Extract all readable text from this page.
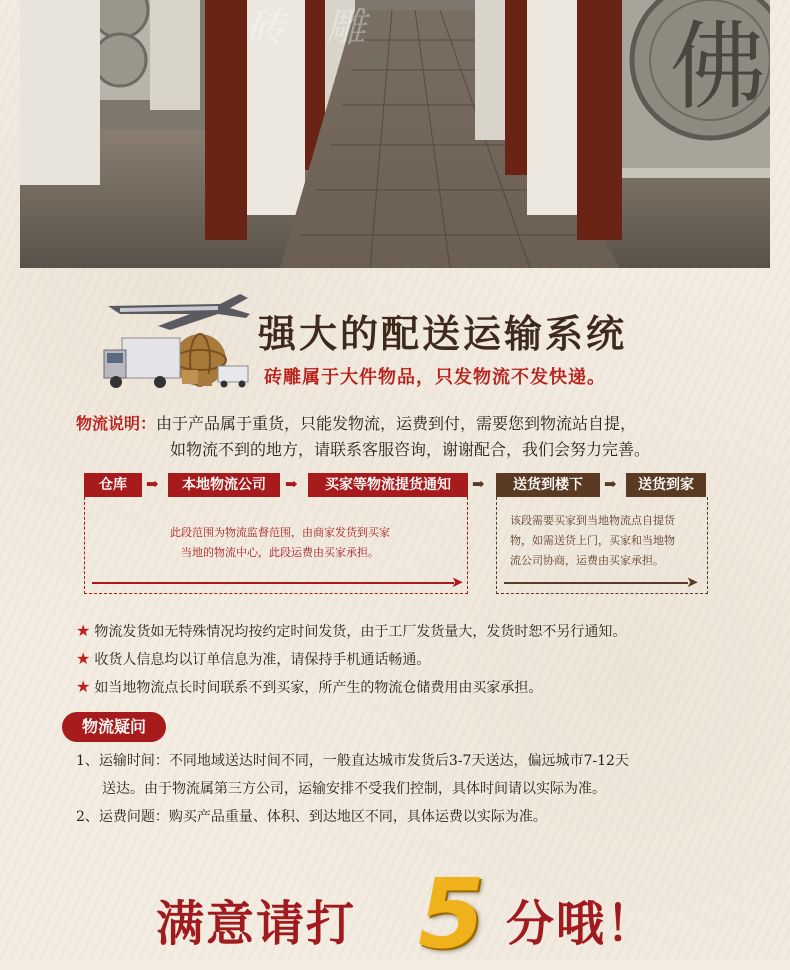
佛
砖 雕
强大的配送运输系统
砖雕属于大件物品，只发物流不发快递。
物流说明：由于产品属于重货，只能发物流，运费到付，需要您到物流站自提，
如物流不到的地方，请联系客服咨询，谢谢配合，我们会努力完善。
仓库	➡	本地物流公司	➡	买家等物流提货通知	➡	送货到楼下	➡	送货到家
此段范围为物流监督范围，由商家发货到买家
当地的物流中心，此段运费由买家承担。
该段需要买家到当地物流点自提货
物，如需送货上门，买家和当地物
流公司协商，运费由买家承担。
➤	➤
★ 物流发货如无特殊情况均按约定时间发货，由于工厂发货量大，发货时恕不另行通知。
★ 收货人信息均以订单信息为准，请保持手机通话畅通。
★ 如当地物流点长时间联系不到买家，所产生的物流仓储费用由买家承担。
物流疑问
1、运输时间：不同地域送达时间不同，一般直达城市发货后3-7天送达，偏远城市7-12天
送达。由于物流属第三方公司，运输安排不受我们控制，具体时间请以实际为准。
2、运费问题：购买产品重量、体积、到达地区不同，具体运费以实际为准。
满意请打 5 分哦！
